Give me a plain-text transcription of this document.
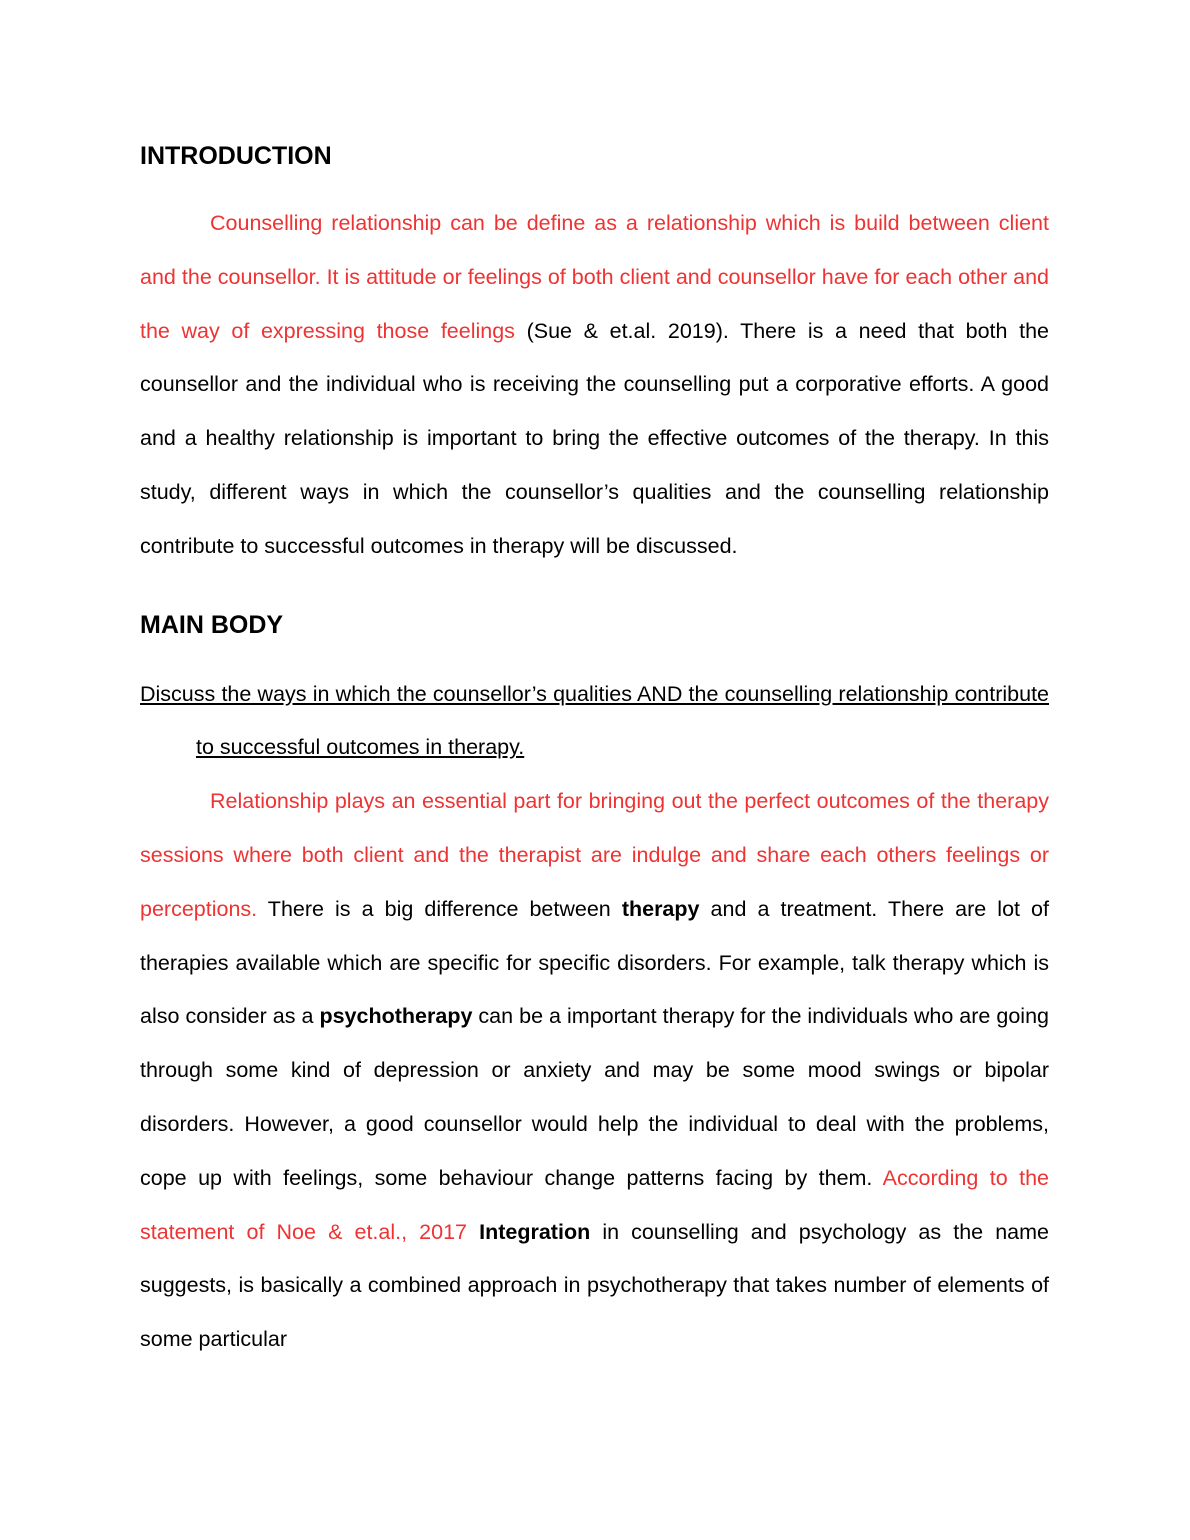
INTRODUCTION

Counselling relationship can be define as a relationship which is build between client and the counsellor. It is attitude or feelings of both client and counsellor have for each other and the way of expressing those feelings (Sue & et.al. 2019). There is a need that both the counsellor and the individual who is receiving the counselling put a corporative efforts. A good and a healthy relationship is important to bring the effective outcomes of the therapy. In this study, different ways in which the counsellor’s qualities and the counselling relationship contribute to successful outcomes in therapy will be discussed.

MAIN BODY

Discuss the ways in which the counsellor’s qualities AND the counselling relationship contribute to successful outcomes in therapy.

Relationship plays an essential part for bringing out the perfect outcomes of the therapy sessions where both client and the therapist are indulge and share each others feelings or perceptions. There is a big difference between therapy and a treatment. There are lot of therapies available which are specific for specific disorders. For example, talk therapy which is also consider as a psychotherapy can be a important therapy for the individuals who are going through some kind of depression or anxiety and may be some mood swings or bipolar disorders. However, a good counsellor would help the individual to deal with the problems, cope up with feelings, some behaviour change patterns facing by them. According to the statement of Noe & et.al., 2017 Integration in counselling and psychology as the name suggests, is basically a combined approach in psychotherapy that takes number of elements of some particular
